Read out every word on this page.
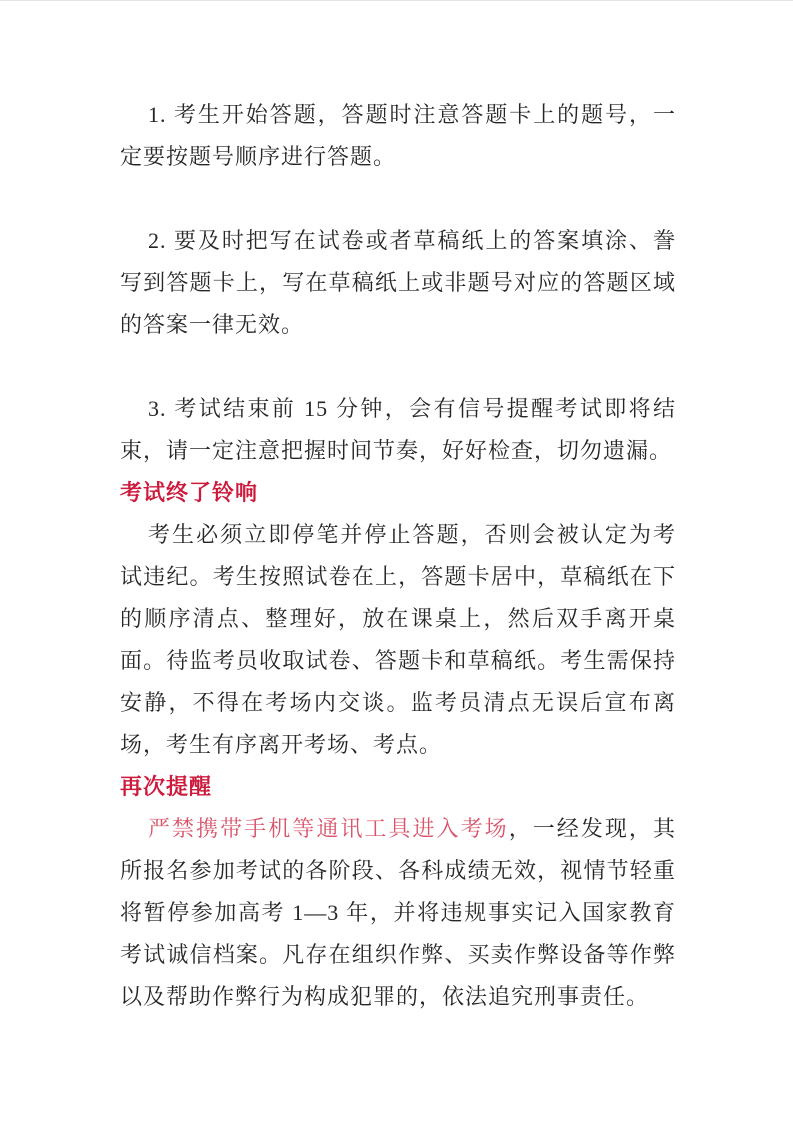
1. 考生开始答题，答题时注意答题卡上的题号，一定要按题号顺序进行答题。

2. 要及时把写在试卷或者草稿纸上的答案填涂、誊写到答题卡上，写在草稿纸上或非题号对应的答题区域的答案一律无效。

3. 考试结束前 15 分钟，会有信号提醒考试即将结束，请一定注意把握时间节奏，好好检查，切勿遗漏。

考试终了铃响

考生必须立即停笔并停止答题，否则会被认定为考试违纪。考生按照试卷在上，答题卡居中，草稿纸在下的顺序清点、整理好，放在课桌上，然后双手离开桌面。待监考员收取试卷、答题卡和草稿纸。考生需保持安静，不得在考场内交谈。监考员清点无误后宣布离场，考生有序离开考场、考点。

再次提醒

严禁携带手机等通讯工具进入考场，一经发现，其所报名参加考试的各阶段、各科成绩无效，视情节轻重将暂停参加高考 1—3 年，并将违规事实记入国家教育考试诚信档案。凡存在组织作弊、买卖作弊设备等作弊以及帮助作弊行为构成犯罪的，依法追究刑事责任。
